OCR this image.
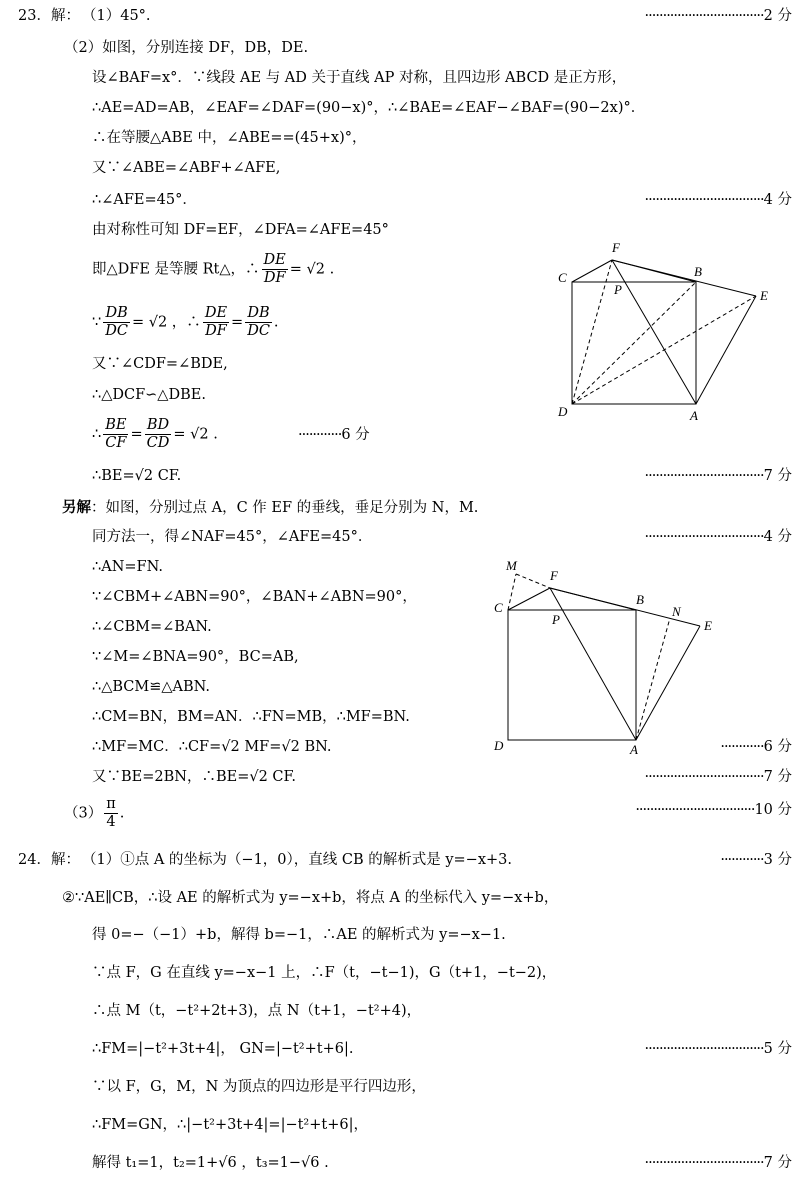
23．解： （1）45°.	·································2 分
（2）如图，分别连接 DF，DB，DE.
设∠BAF=x°．∵线段 AE 与 AD 关于直线 AP 对称，且四边形 ABCD 是正方形，
∴AE=AD=AB，∠EAF=∠DAF=(90−x)°，∴∠BAE=∠EAF−∠BAF=(90−2x)°．
∴在等腰△ABE 中，∠ABE==(45+x)°，
又∵∠ABE=∠ABF+∠AFE,
∴∠AFE=45°．	·································4 分
由对称性可知 DF=EF，∠DFA=∠AFE=45°
即△DFE 是等腰 Rt△，∴ $\frac{DE}{DF} = √2$ .
∵ $\frac{DB}{DC} = √2$ ，∴ $\frac{DE}{DF} = \frac{DB}{DC}$ .
又∵∠CDF=∠BDE,
∴△DCF∽△DBE.
∴ $\frac{BE}{CF} = \frac{BD}{CD} = √2$ .	············6 分
∴BE=√2 CF.	·································7 分
另解：如图，分别过点 A，C 作 EF 的垂线，垂足分别为 N，M.
同方法一，得∠NAF=45°，∠AFE=45°．	·································4 分
∴AN=FN.
∵∠CBM+∠ABN=90°，∠BAN+∠ABN=90°，
∴∠CBM=∠BAN.
∵∠M=∠BNA=90°，BC=AB,
∴△BCM≌△ABN.
∴CM=BN，BM=AN．∴FN=MB，∴MF=BN.
∴MF=MC．∴CF=√2 MF=√2 BN.	············6 分
又∵BE=2BN，∴BE=√2 CF.	·································7 分
$(3) \frac{\pi}{4}$ .	·································10 分
F
C
P
B
E
D	A
M
F
C
P
B
N
E
D	A
24．解： （1）①点 A 的坐标为（−1，0），直线 CB 的解析式是 y=−x+3.	············3 分
②∵AE∥CB，∴设 AE 的解析式为 y=−x+b，将点 A 的坐标代入 y=−x+b，
得 0=−（−1）+b，解得 b=−1，∴AE 的解析式为 y=−x−1.
∵点 F，G 在直线 y=−x−1 上，∴F（t，−t−1)，G（t+1，−t−2)，
∴点 M（t，−t²+2t+3)，点 N（t+1，−t²+4)，
∴FM=|−t²+3t+4|， GN=|−t²+t+6|.	·································5 分
∵以 F，G，M，N 为顶点的四边形是平行四边形，
∴FM=GN，∴|−t²+3t+4|=|−t²+t+6|，
解得 t₁=1，t₂=1+√6 ，t₃=1−√6 .	·································7 分
